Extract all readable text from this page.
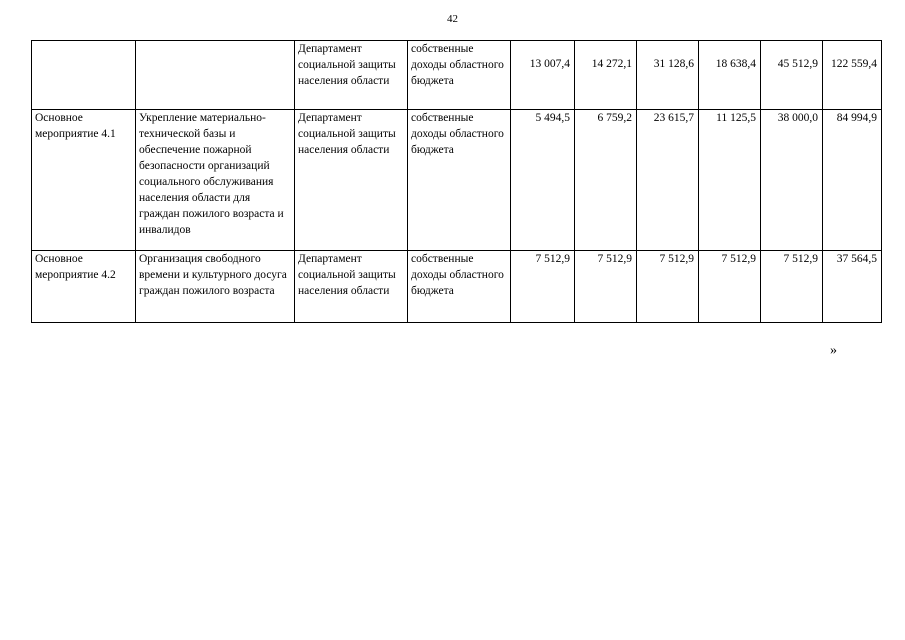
42
		Департамент социальной защиты населения области	собственные доходы областного бюджета	13 007,4	14 272,1	31 128,6	18 638,4	45 512,9	122 559,4
Основное мероприятие 4.1	Укрепление материально-технической базы и обеспечение пожарной безопасности организаций социального обслуживания населения области для граждан пожилого возраста и инвалидов	Департамент социальной защиты населения области	собственные доходы областного бюджета	5 494,5	6 759,2	23 615,7	11 125,5	38 000,0	84 994,9
Основное мероприятие 4.2	Организация свободного времени и культурного досуга граждан пожилого возраста	Департамент социальной защиты населения области	собственные доходы областного бюджета	7 512,9	7 512,9	7 512,9	7 512,9	7 512,9	37 564,5
»
